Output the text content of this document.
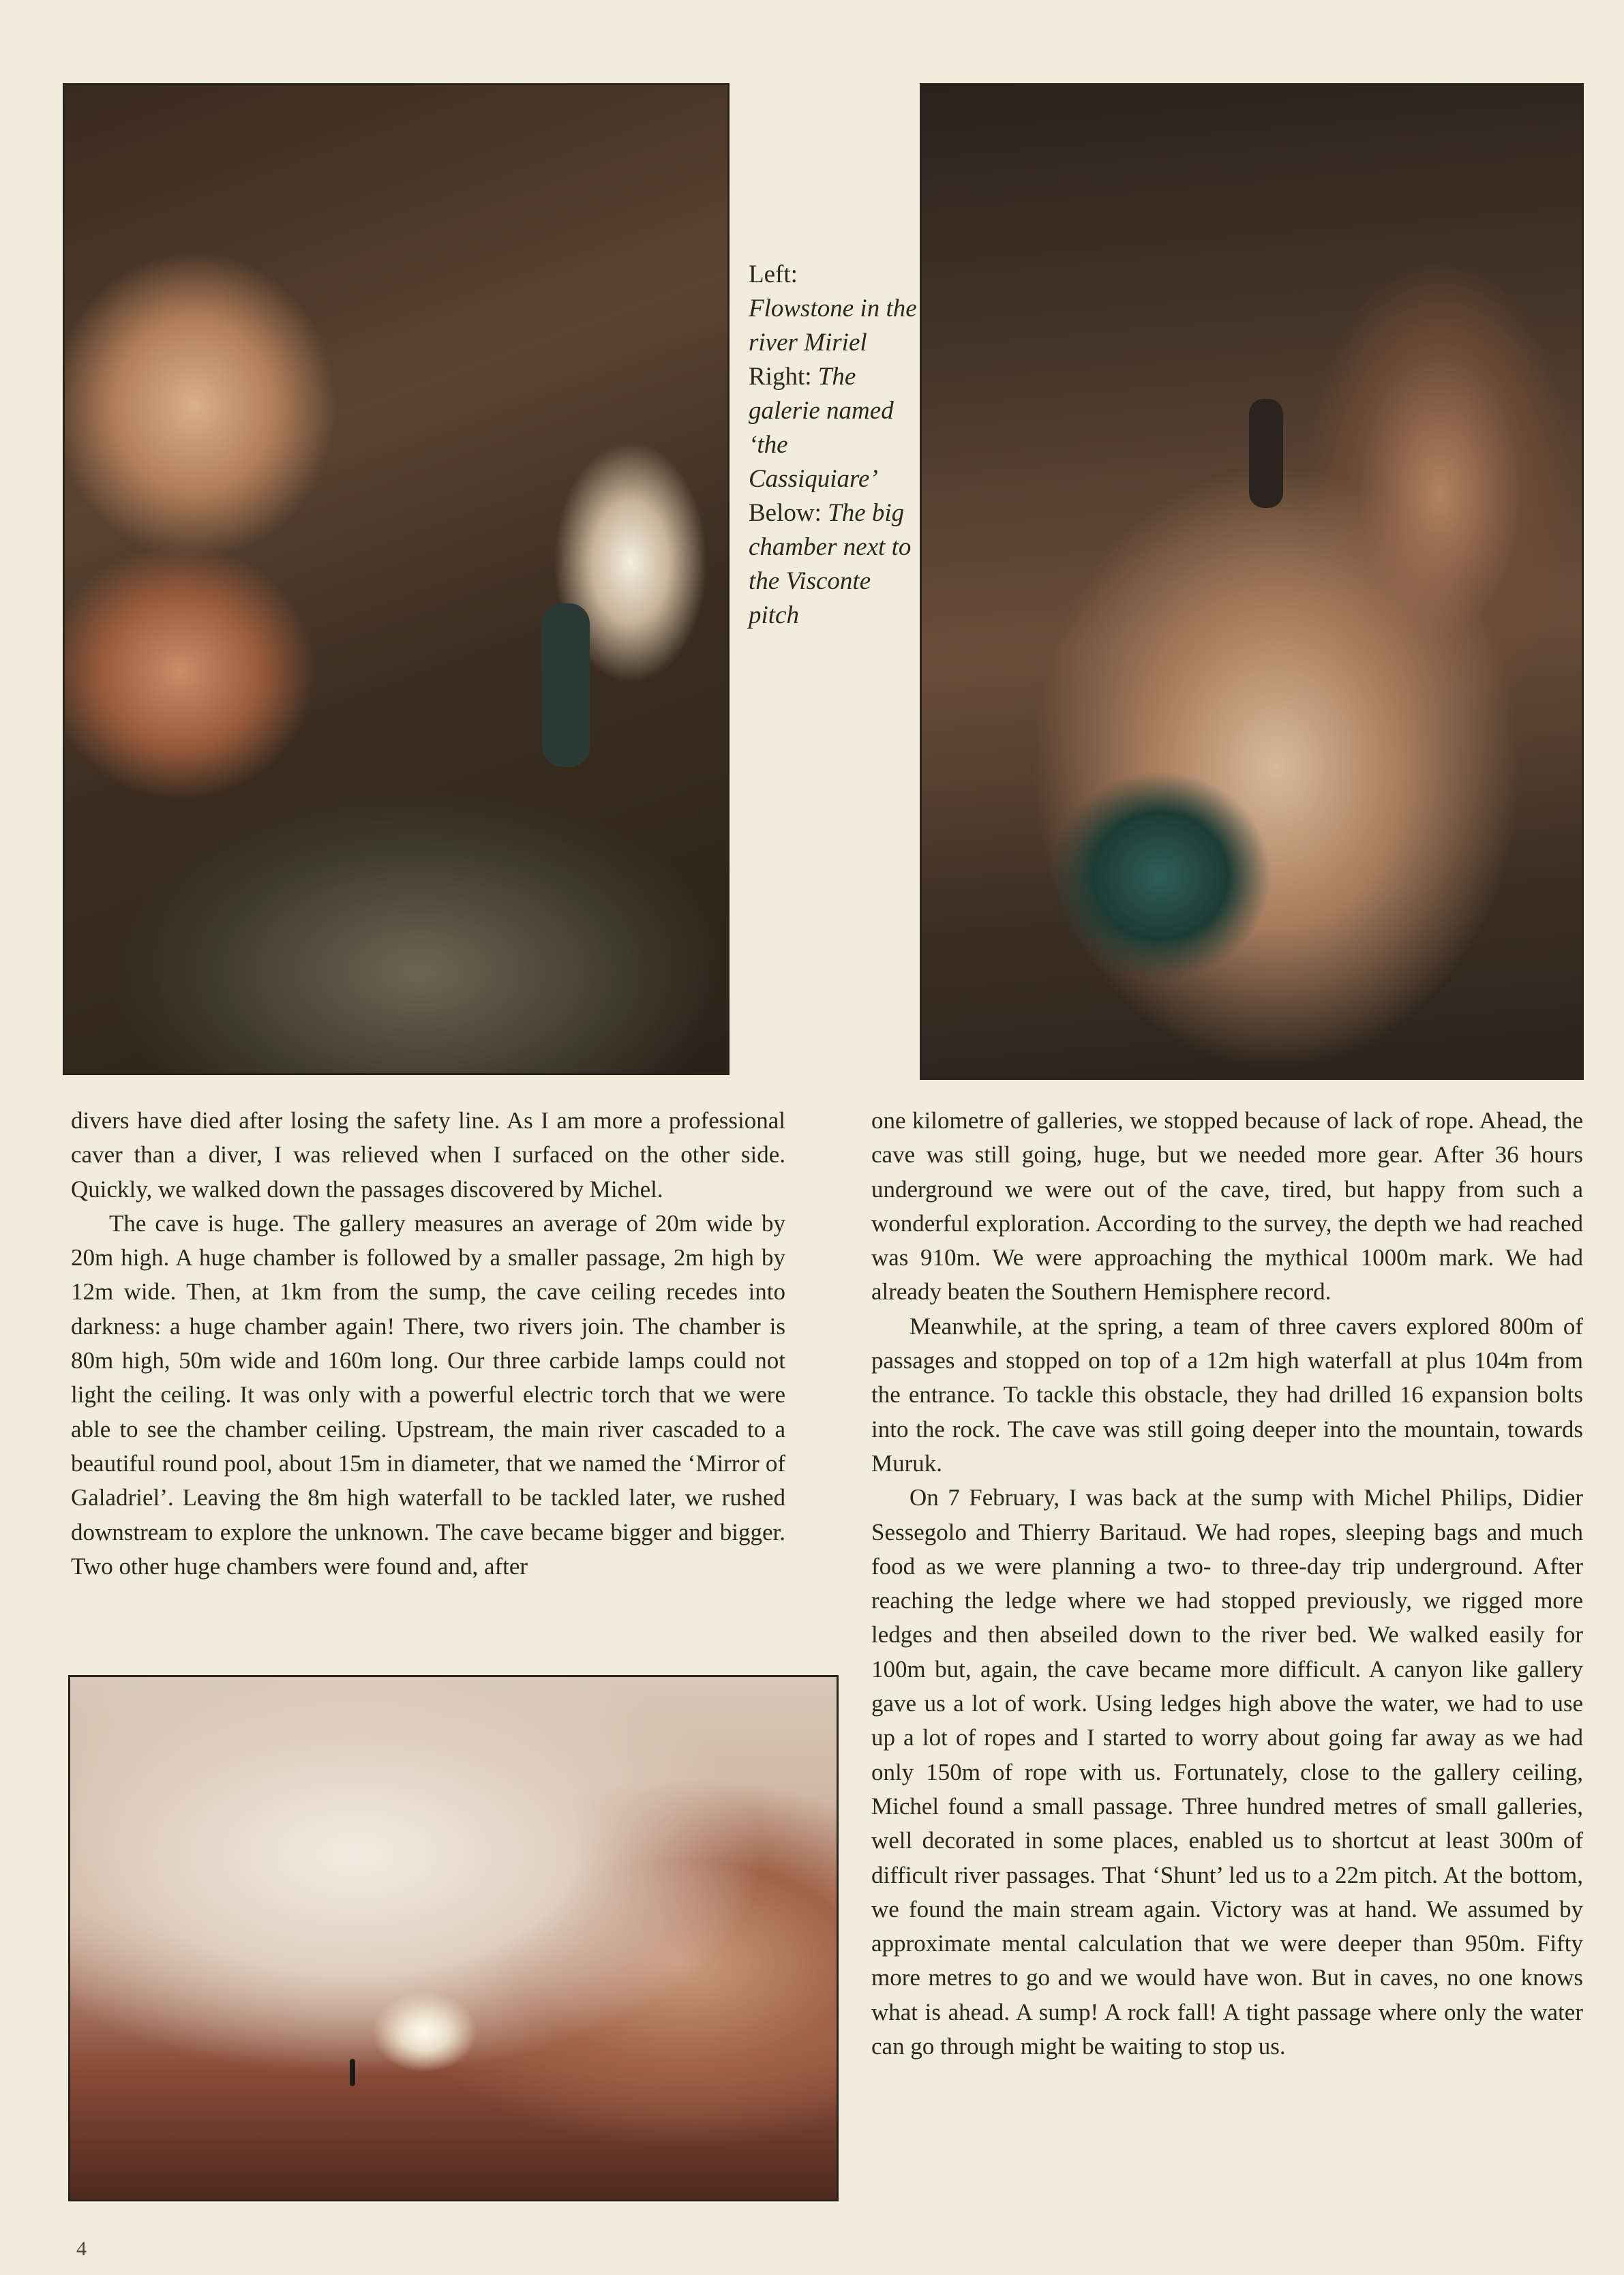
Left:
Flowstone in the river Miriel
Right: The galerie named ‘the Cassiquiare’
Below: The big chamber next to the Visconte pitch

divers have died after losing the safety line. As I am more a professional caver than a diver, I was relieved when I surfaced on the other side. Quickly, we walked down the passages discovered by Michel.

The cave is huge. The gallery measures an average of 20m wide by 20m high. A huge chamber is followed by a smaller passage, 2m high by 12m wide. Then, at 1km from the sump, the cave ceiling recedes into darkness: a huge chamber again! There, two rivers join. The chamber is 80m high, 50m wide and 160m long. Our three carbide lamps could not light the ceiling. It was only with a powerful electric torch that we were able to see the chamber ceiling. Upstream, the main river cascaded to a beautiful round pool, about 15m in diameter, that we named the ‘Mirror of Galadriel’. Leaving the 8m high waterfall to be tackled later, we rushed downstream to explore the unknown. The cave became bigger and bigger. Two other huge chambers were found and, after

one kilometre of galleries, we stopped because of lack of rope. Ahead, the cave was still going, huge, but we needed more gear. After 36 hours underground we were out of the cave, tired, but happy from such a wonderful exploration. According to the survey, the depth we had reached was 910m. We were approaching the mythical 1000m mark. We had already beaten the Southern Hemisphere record.

Meanwhile, at the spring, a team of three cavers explored 800m of passages and stopped on top of a 12m high waterfall at plus 104m from the entrance. To tackle this obstacle, they had drilled 16 expansion bolts into the rock. The cave was still going deeper into the mountain, towards Muruk.

On 7 February, I was back at the sump with Michel Philips, Didier Sessegolo and Thierry Baritaud. We had ropes, sleeping bags and much food as we were planning a two- to three-day trip underground. After reaching the ledge where we had stopped previously, we rigged more ledges and then abseiled down to the river bed. We walked easily for 100m but, again, the cave became more difficult. A canyon like gallery gave us a lot of work. Using ledges high above the water, we had to use up a lot of ropes and I started to worry about going far away as we had only 150m of rope with us. Fortunately, close to the gallery ceiling, Michel found a small passage. Three hundred metres of small galleries, well decorated in some places, enabled us to shortcut at least 300m of difficult river passages. That ‘Shunt’ led us to a 22m pitch. At the bottom, we found the main stream again. Victory was at hand. We assumed by approximate mental calculation that we were deeper than 950m. Fifty more metres to go and we would have won. But in caves, no one knows what is ahead. A sump! A rock fall! A tight passage where only the water can go through might be waiting to stop us.

4
